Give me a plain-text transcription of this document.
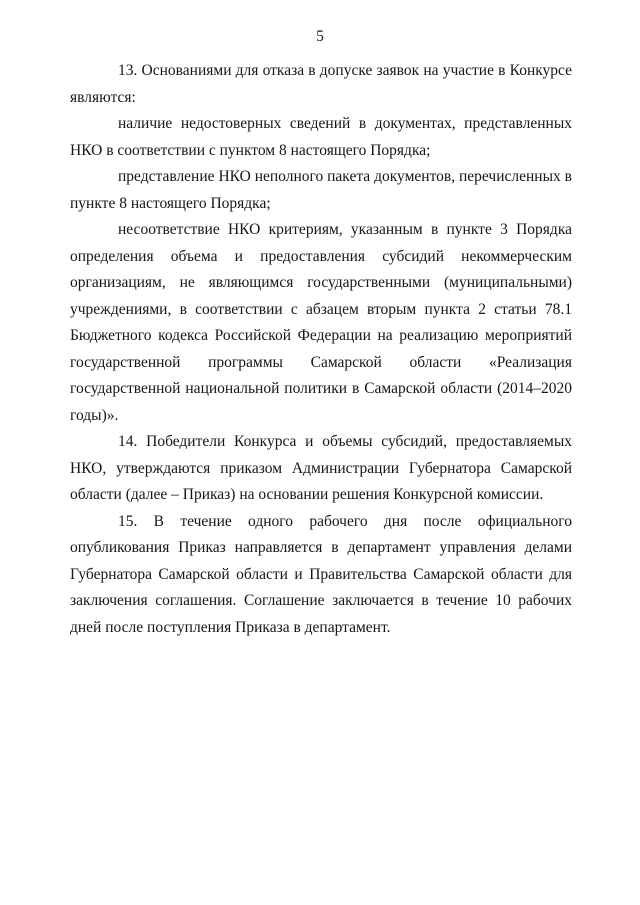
5

13. Основаниями для отказа в допуске заявок на участие в Конкурсе являются:

наличие недостоверных сведений в документах, представленных НКО в соответствии с пунктом 8 настоящего Порядка;

представление НКО неполного пакета документов, перечисленных в пункте 8 настоящего Порядка;

несоответствие НКО критериям, указанным в пункте 3 Порядка определения объема и предоставления субсидий некоммерческим организациям, не являющимся государственными (муниципальными) учреждениями, в соответствии с абзацем вторым пункта 2 статьи 78.1 Бюджетного кодекса Российской Федерации на реализацию мероприятий государственной программы Самарской области «Реализация государственной национальной политики в Самарской области (2014–2020 годы)».

14. Победители Конкурса и объемы субсидий, предоставляемых НКО, утверждаются приказом Администрации Губернатора Самарской области (далее – Приказ) на основании решения Конкурсной комиссии.

15. В течение одного рабочего дня после официального опубликования Приказ направляется в департамент управления делами Губернатора Самарской области и Правительства Самарской области для заключения соглашения. Соглашение заключается в течение 10 рабочих дней после поступления Приказа в департамент.
